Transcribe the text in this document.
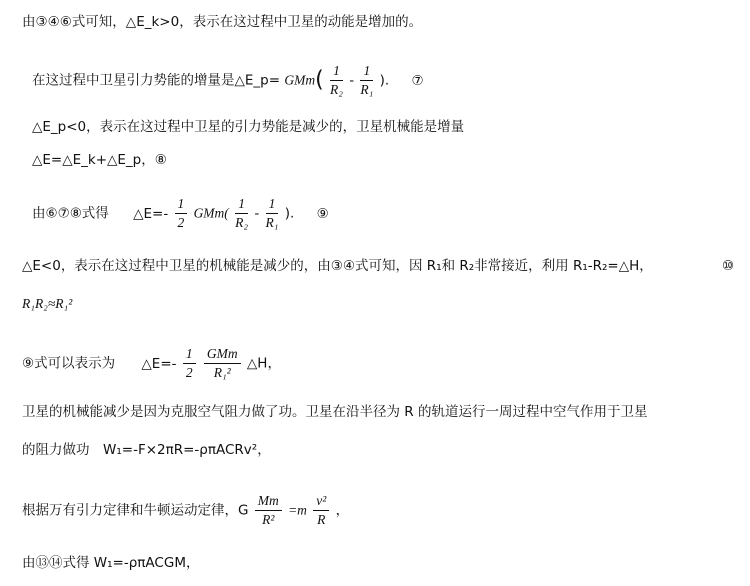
由③④⑥式可知，△E_k>0，表示在这过程中卫星的动能是增加的。
在这过程中卫星引力势能的增量是△E_p= $GMm( \frac{1}{\text{R₂}} - \frac{1}{\text{R₁}}$ ). ⑦
△E_p<0，表示在这过程中卫星的引力势能是减少的，卫星机械能是增量
△E=△E_k+△E_p，⑧
由⑥⑦⑧式得 △E=- $\frac{1}{2} GMm( \frac{1}{\text{R₂}} - \frac{1}{\text{R₁}}$ ). ⑨
△E<0，表示在这过程中卫星的机械能是减少的，由③④式可知，因 R₁和 R₂非常接近，利用 R₁-R₂=△H，	⑩
R₁R₂≈R₁²
⑨式可以表示为 △E=- $\frac{1}{2}$
$\frac{\text{GMm}}{\text{R₁²}}$ △H，
卫星的机械能减少是因为克服空气阻力做了功。卫星在沿半径为 R 的轨道运行一周过程中空气作用于卫星
的阻力做功　W₁=-F×2πR=-ρπACRv²，
根据万有引力定律和牛顿运动定律，G $\frac{Mm}{\text{R²}} =m \frac{\text{v²}}{R}$ ，
由⑬⑭式得 W₁=-ρπACGM，
